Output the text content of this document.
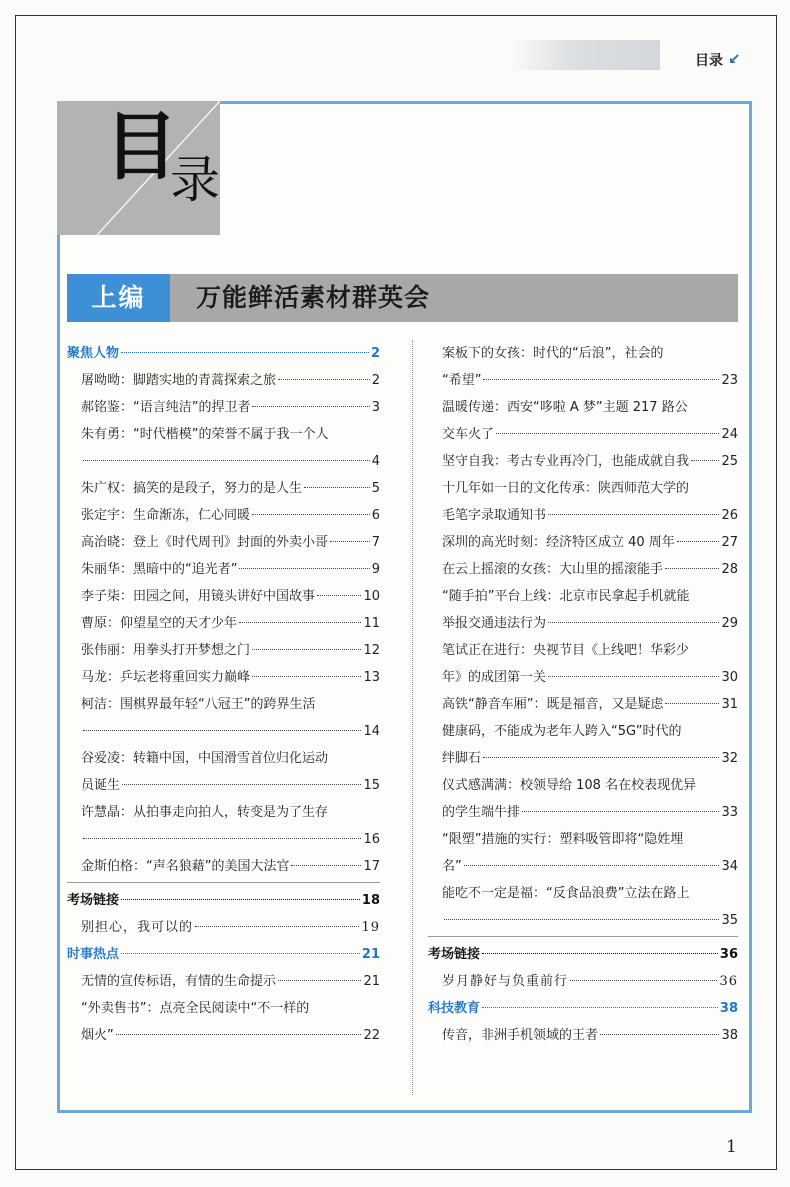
目录 ↙
目
录
上编	万能鲜活素材群英会
聚焦人物	2
屠呦呦：脚踏实地的青蒿探索之旅	2
郝铭鉴：“语言纯洁”的捍卫者	3
朱有勇：“时代楷模”的荣誉不属于我一个人
4
朱广权：搞笑的是段子，努力的是人生	5
张定宇：生命渐冻，仁心同暖	6
高治晓：登上《时代周刊》封面的外卖小哥	7
朱丽华：黑暗中的“追光者”	9
李子柒：田园之间，用镜头讲好中国故事	10
曹原：仰望星空的天才少年	11
张伟丽：用拳头打开梦想之门	12
马龙：乒坛老将重回实力巅峰	13
柯洁：围棋界最年轻“八冠王”的跨界生活
14
谷爱凌：转籍中国，中国滑雪首位归化运动
员诞生	15
许慧晶：从拍事走向拍人，转变是为了生存
16
金斯伯格：“声名狼藉”的美国大法官	17
考场链接	18
别担心，我可以的	19
时事热点	21
无情的宣传标语，有情的生命提示	21
“外卖售书”：点亮全民阅读中“不一样的
烟火”	22
案板下的女孩：时代的“后浪”，社会的
“希望”	23
温暖传递：西安“哆啦 A 梦”主题 217 路公
交车火了	24
坚守自我：考古专业再冷门，也能成就自我 25
十几年如一日的文化传承：陕西师范大学的
毛笔字录取通知书	26
深圳的高光时刻：经济特区成立 40 周年	27
在云上摇滚的女孩：大山里的摇滚能手	28
“随手拍”平台上线：北京市民拿起手机就能
举报交通违法行为	29
笔试正在进行：央视节目《上线吧！华彩少
年》的成团第一关	30
高铁“静音车厢”：既是福音，又是疑虑	31
健康码，不能成为老年人跨入“5G”时代的
绊脚石	32
仪式感满满：校领导给 108 名在校表现优异
的学生端牛排	33
“限塑”措施的实行：塑料吸管即将“隐姓埋
名”	34
能吃不一定是福：“反食品浪费”立法在路上
35
考场链接	36
岁月静好与负重前行	36
科技教育	38
传音，非洲手机领域的王者	38
1
